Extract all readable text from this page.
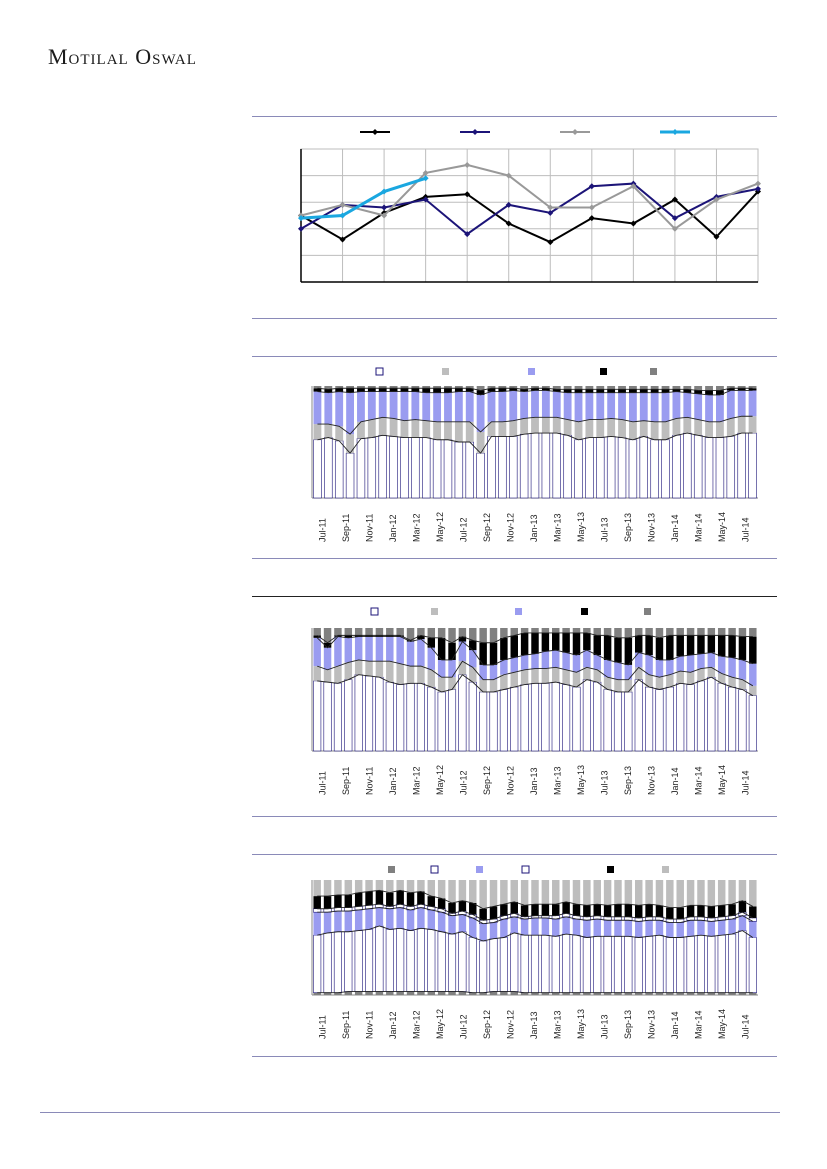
Motilal Oswal
Jul-11 Sep-11 Nov-11 Jan-12 Mar-12 May-12 Jul-12 Sep-12 Nov-12 Jan-13 Mar-13 May-13 Jul-13 Sep-13 Nov-13 Jan-14 Mar-14 May-14 Jul-14
Jul-11 Sep-11 Nov-11 Jan-12 Mar-12 May-12 Jul-12 Sep-12 Nov-12 Jan-13 Mar-13 May-13 Jul-13 Sep-13 Nov-13 Jan-14 Mar-14 May-14 Jul-14
Jul-11 Sep-11 Nov-11 Jan-12 Mar-12 May-12 Jul-12 Sep-12 Nov-12 Jan-13 Mar-13 May-13 Jul-13 Sep-13 Nov-13 Jan-14 Mar-14 May-14 Jul-14
